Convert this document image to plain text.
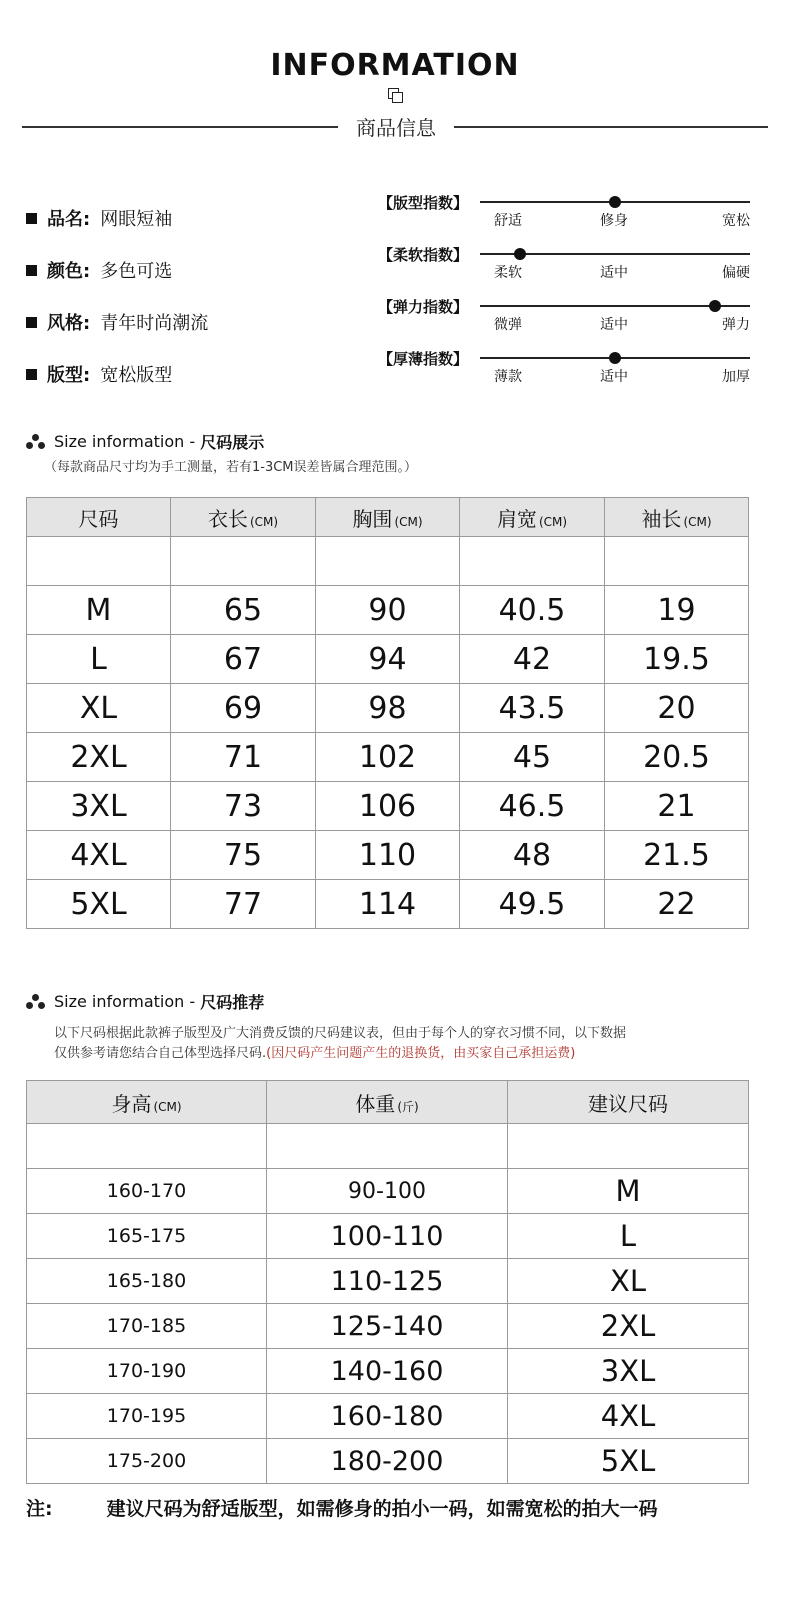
INFORMATION
商品信息
品名: 网眼短袖
颜色: 多色可选
风格: 青年时尚潮流
版型: 宽松版型
【版型指数】
舒适	修身	宽松
【柔软指数】
柔软	适中	偏硬
【弹力指数】
微弹	适中	弹力
【厚薄指数】
薄款	适中	加厚
Size information -
尺码展示
（每款商品尺寸均为手工测量，若有1-3CM误差皆属合理范围。）
尺码	衣长 (CM)	胸围 (CM)	肩宽 (CM)	袖长 (CM)

M	65	90	40.5	19
L	67	94	42	19.5
XL	69	98	43.5	20
2XL	71	102	45	20.5
3XL	73	106	46.5	21
4XL	75	110	48	21.5
5XL	77	114	49.5	22
Size information -
尺码推荐
以下尺码根据此款裤子版型及广大消费反馈的尺码建议表，但由于每个人的穿衣习惯不同，以下数据
仅供参考请您结合自己体型选择尺码.(因尺码产生问题产生的退换货，由买家自己承担运费)
身高 (CM)	体重 (斤)	建议尺码

160-170	90-100	M
165-175	100-110	L
165-180	110-125	XL
170-185	125-140	2XL
170-190	140-160	3XL
170-195	160-180	4XL
175-200	180-200	5XL
注:	建议尺码为舒适版型，如需修身的拍小一码，如需宽松的拍大一码
